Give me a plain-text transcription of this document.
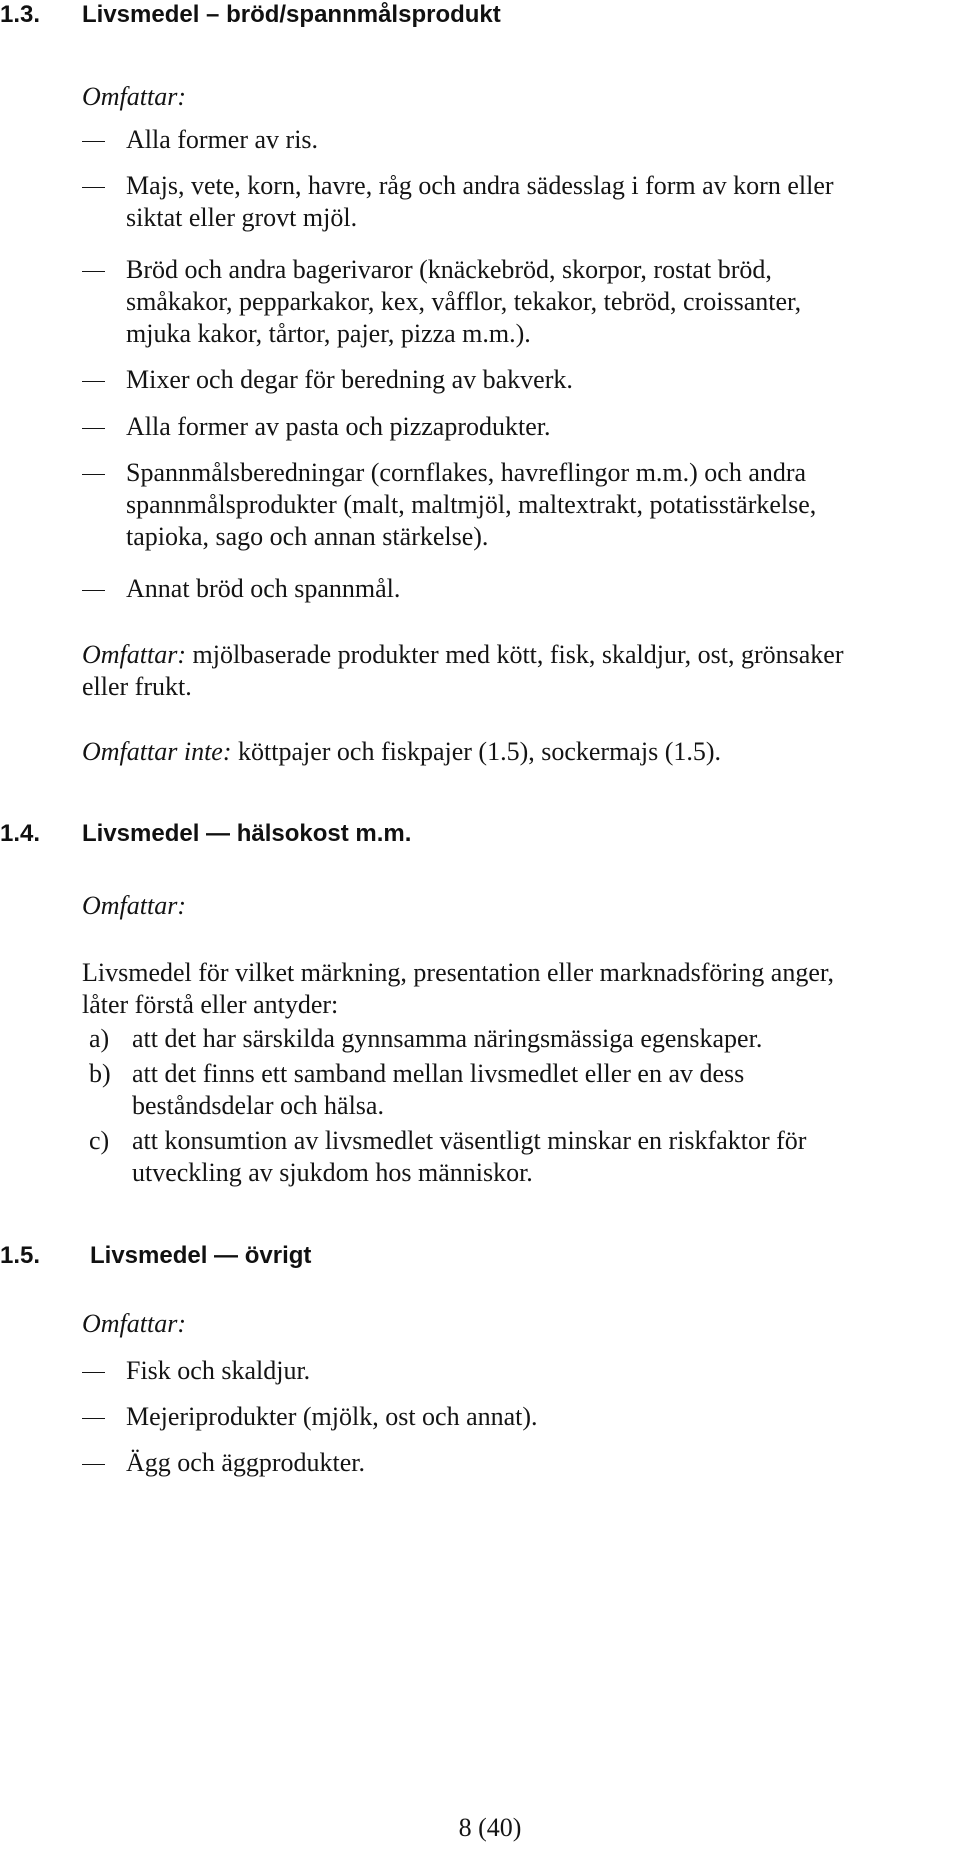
1.3. Livsmedel – bröd/spannmålsprodukt
Omfattar:
Alla former av ris.
Majs, vete, korn, havre, råg och andra sädesslag i form av korn eller
siktat eller grovt mjöl.
Bröd och andra bagerivaror (knäckebröd, skorpor, rostat bröd,
småkakor, pepparkakor, kex, våfflor, tekakor, tebröd, croissanter,
mjuka kakor, tårtor, pajer, pizza m.m.).
Mixer och degar för beredning av bakverk.
Alla former av pasta och pizzaprodukter.
Spannmålsberedningar (cornflakes, havreflingor m.m.) och andra
spannmålsprodukter (malt, maltmjöl, maltextrakt, potatisstärkelse,
tapioka, sago och annan stärkelse).
Annat bröd och spannmål.
Omfattar: mjölbaserade produkter med kött, fisk, skaldjur, ost, grönsaker
eller frukt.
Omfattar inte: köttpajer och fiskpajer (1.5), sockermajs (1.5).
1.4. Livsmedel — hälsokost m.m.
Omfattar:
Livsmedel för vilket märkning, presentation eller marknadsföring anger,
låter förstå eller antyder:
a) att det har särskilda gynnsamma näringsmässiga egenskaper.
b) att det finns ett samband mellan livsmedlet eller en av dess
beståndsdelar och hälsa.
c) att konsumtion av livsmedlet väsentligt minskar en riskfaktor för
utveckling av sjukdom hos människor.
1.5. Livsmedel — övrigt
Omfattar:
Fisk och skaldjur.
Mejeriprodukter (mjölk, ost och annat).
Ägg och äggprodukter.
8 (40)
